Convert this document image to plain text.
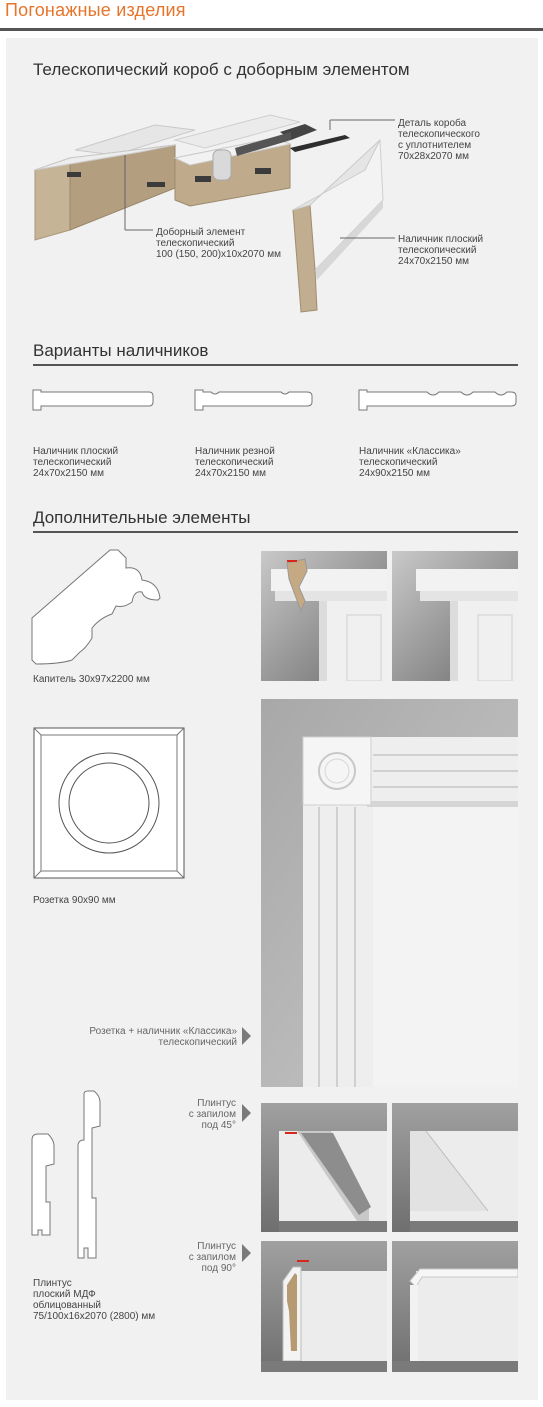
Погонажные изделия
Телескопический короб с доборным элементом
Деталь короба
телескопического
с уплотнителем
70x28x2070 мм
Доборный элемент
телескопический
100 (150, 200)x10x2070 мм
Наличник плоский
телескопический
24x70x2150 мм
Варианты наличников
Наличник плоский
телескопический
24x70x2150 мм
Наличник резной
телескопический
24x70x2150 мм
Наличник «Классика»
телескопический
24x90x2150 мм
Дополнительные элементы
Капитель 30x97x2200 мм
Розетка 90x90 мм
Розетка + наличник «Классика»
телескопический
Плинтус
плоский МДФ
облицованный
75/100x16x2070 (2800) мм
Плинтус
с запилом
под 45°
Плинтус
с запилом
под 90°
